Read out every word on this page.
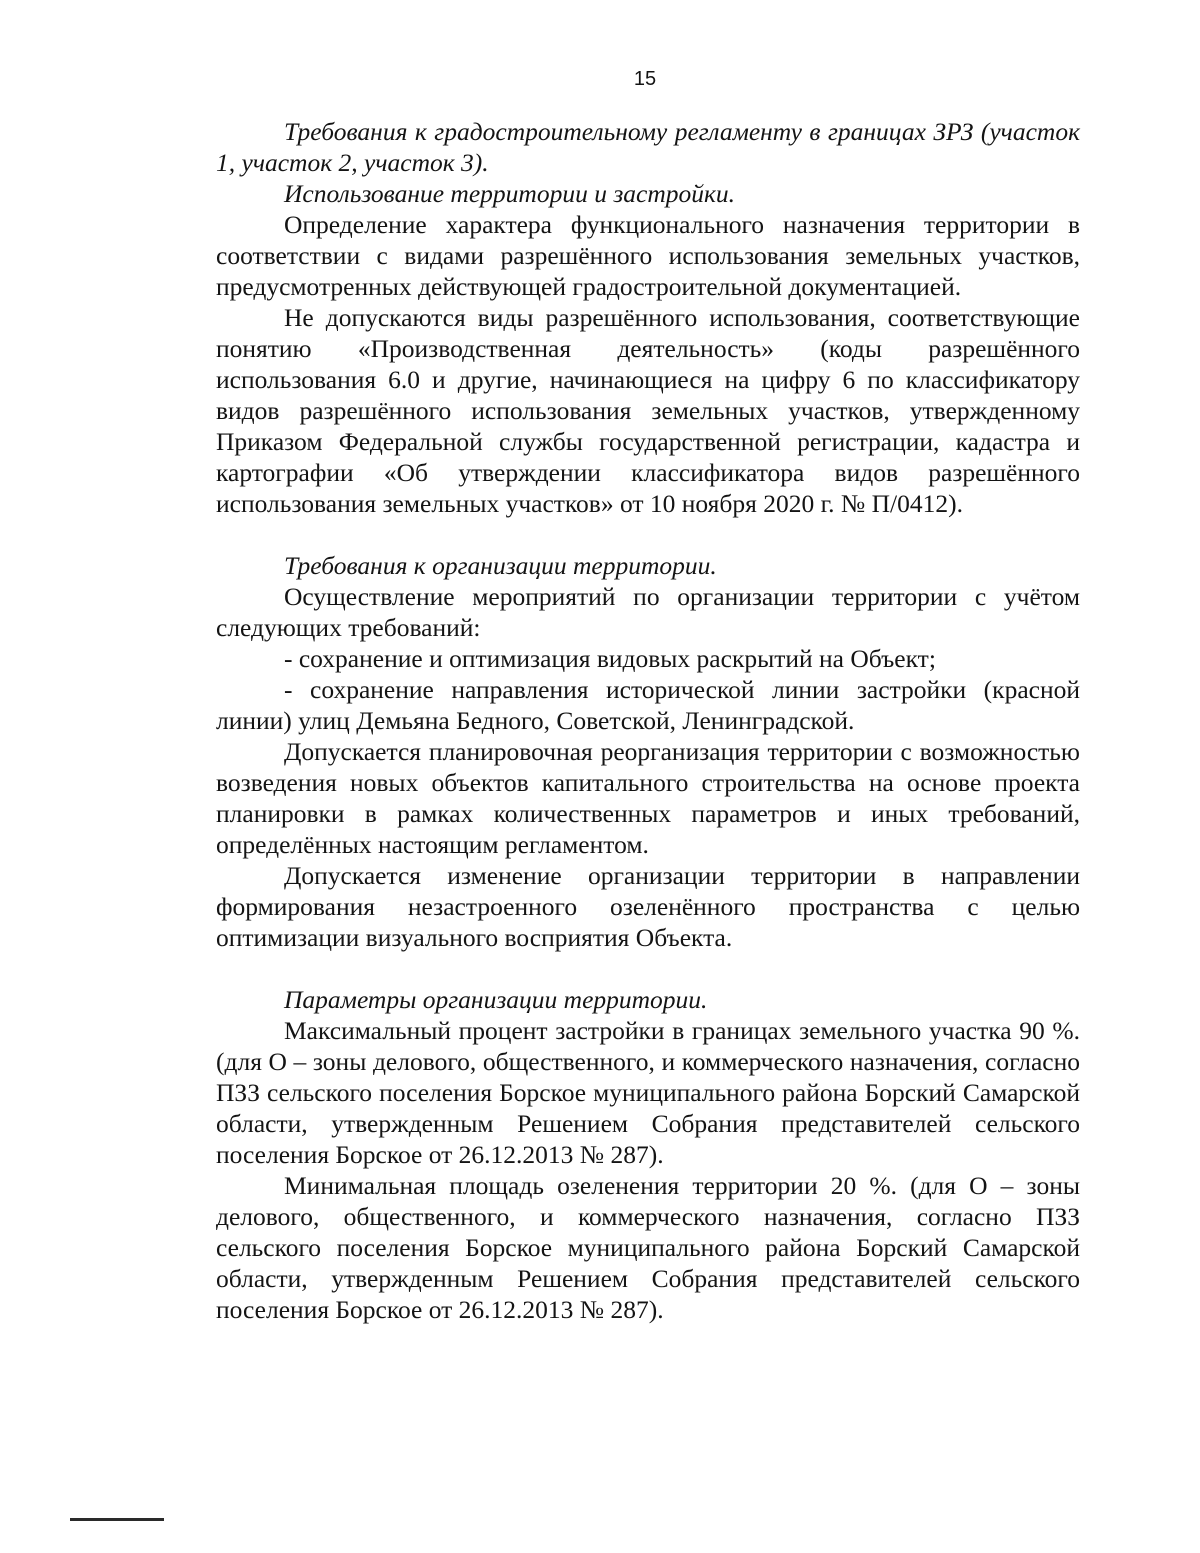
15

Требования к градостроительному регламенту в границах ЗРЗ (участок 1, участок 2, участок 3).

Использование территории и застройки.

Определение характера функционального назначения территории в соответствии с видами разрешённого использования земельных участков, предусмотренных действующей градостроительной документацией.

Не допускаются виды разрешённого использования, соответствующие понятию «Производственная деятельность» (коды разрешённого использования 6.0 и другие, начинающиеся на цифру 6 по классификатору видов разрешённого использования земельных участков, утвержденному Приказом Федеральной службы государственной регистрации, кадастра и картографии «Об утверждении классификатора видов разрешённого использования земельных участков» от 10 ноября 2020 г. № П/0412).

Требования к организации территории.

Осуществление мероприятий по организации территории с учётом следующих требований:

- сохранение и оптимизация видовых раскрытий на Объект;

- сохранение направления исторической линии застройки (красной линии) улиц Демьяна Бедного, Советской, Ленинградской.

Допускается планировочная реорганизация территории с возможностью возведения новых объектов капитального строительства на основе проекта планировки в рамках количественных параметров и иных требований, определённых настоящим регламентом.

Допускается изменение организации территории в направлении формирования незастроенного озеленённого пространства с целью оптимизации визуального восприятия Объекта.

Параметры организации территории.

Максимальный процент застройки в границах земельного участка 90 %. (для О – зоны делового, общественного, и коммерческого назначения, согласно ПЗЗ сельского поселения Борское муниципального района Борский Самарской области, утвержденным Решением Собрания представителей сельского поселения Борское от 26.12.2013 № 287).

Минимальная площадь озеленения территории 20 %. (для О – зоны делового, общественного, и коммерческого назначения, согласно ПЗЗ сельского поселения Борское муниципального района Борский Самарской области, утвержденным Решением Собрания представителей сельского поселения Борское от 26.12.2013 № 287).
